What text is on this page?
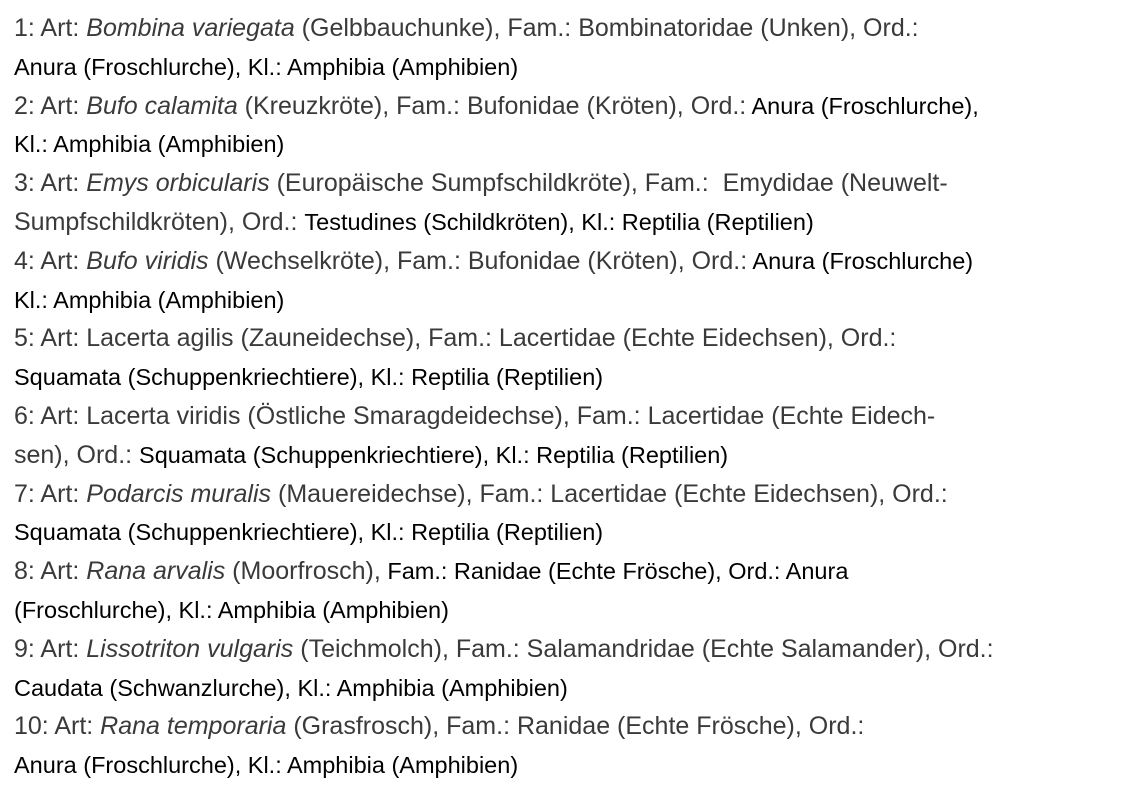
1: Art: Bombina variegata (Gelbbauchunke), Fam.: Bombinatoridae (Unken), Ord.:
Anura (Froschlurche), Kl.: Amphibia (Amphibien)
2: Art: Bufo calamita (Kreuzkröte), Fam.: Bufonidae (Kröten), Ord.: Anura (Froschlurche),
Kl.: Amphibia (Amphibien)
3: Art: Emys orbicularis (Europäische Sumpfschildkröte), Fam.:  Emydidae (Neuwelt-
Sumpfschildkröten), Ord.: Testudines (Schildkröten), Kl.: Reptilia (Reptilien)
4: Art: Bufo viridis (Wechselkröte), Fam.: Bufonidae (Kröten), Ord.: Anura (Froschlurche)
Kl.: Amphibia (Amphibien)
5: Art: Lacerta agilis (Zauneidechse), Fam.: Lacertidae (Echte Eidechsen), Ord.:
Squamata (Schuppenkriechtiere), Kl.: Reptilia (Reptilien)
6: Art: Lacerta viridis (Östliche Smaragdeidechse), Fam.: Lacertidae (Echte Eidech-
sen), Ord.: Squamata (Schuppenkriechtiere), Kl.: Reptilia (Reptilien)
7: Art: Podarcis muralis (Mauereidechse), Fam.: Lacertidae (Echte Eidechsen), Ord.:
Squamata (Schuppenkriechtiere), Kl.: Reptilia (Reptilien)
8: Art: Rana arvalis (Moorfrosch), Fam.: Ranidae (Echte Frösche), Ord.: Anura
(Froschlurche), Kl.: Amphibia (Amphibien)
9: Art: Lissotriton vulgaris (Teichmolch), Fam.: Salamandridae (Echte Salamander), Ord.:
Caudata (Schwanzlurche), Kl.: Amphibia (Amphibien)
10: Art: Rana temporaria (Grasfrosch), Fam.: Ranidae (Echte Frösche), Ord.:
Anura (Froschlurche), Kl.: Amphibia (Amphibien)
